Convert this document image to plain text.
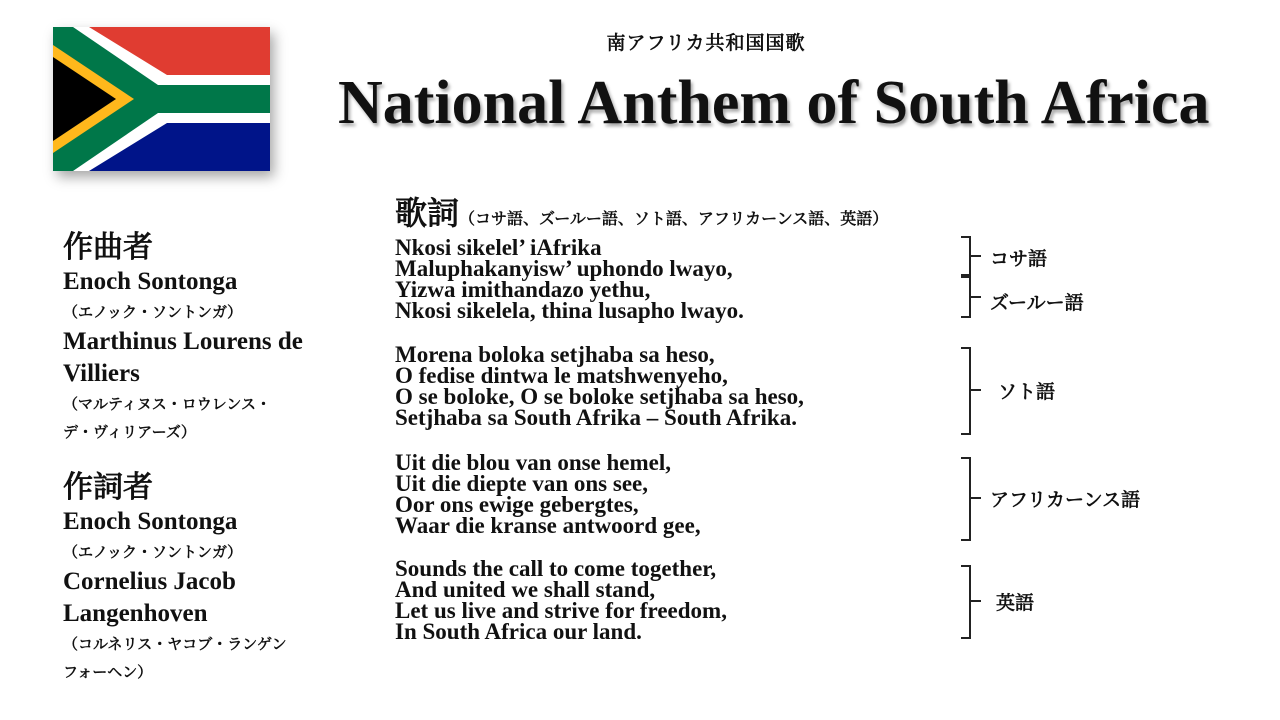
南アフリカ共和国国歌
National Anthem of South Africa
作曲者
Enoch Sontonga
（エノック・ソントンガ）
Marthinus Lourens de
Villiers
（マルティヌス・ロウレンス・
デ・ヴィリアーズ）
作詞者
Enoch Sontonga
（エノック・ソントンガ）
Cornelius Jacob
Langenhoven
（コルネリス・ヤコブ・ランゲン
フォーヘン）
歌詞（コサ語、ズールー語、ソト語、アフリカーンス語、英語）
Nkosi sikelel’ iAfrika
Maluphakanyisw’ uphondo lwayo,
Yizwa imithandazo yethu,
Nkosi sikelela, thina lusapho lwayo.
Morena boloka setjhaba sa heso,
O fedise dintwa le matshwenyeho,
O se boloke, O se boloke setjhaba sa heso,
Setjhaba sa South Afrika – South Afrika.
Uit die blou van onse hemel,
Uit die diepte van ons see,
Oor ons ewige gebergtes,
Waar die kranse antwoord gee,
Sounds the call to come together,
And united we shall stand,
Let us live and strive for freedom,
In South Africa our land.
コサ語
ズールー語
ソト語
アフリカーンス語
英語
